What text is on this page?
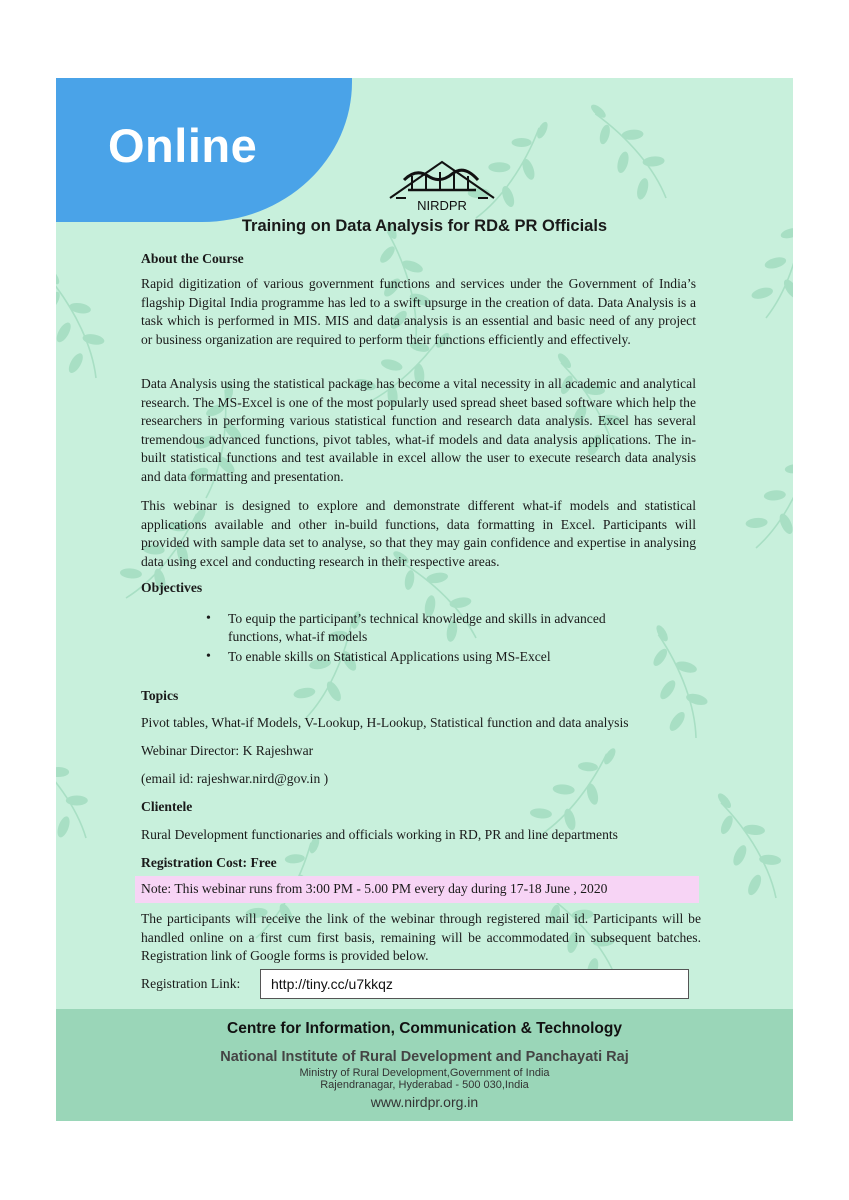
Online
NIRDPR
Training on Data Analysis for RD& PR Officials
About the Course
Rapid digitization of various government functions and services under the Government of India’s flagship Digital India programme has led to a swift upsurge in the creation of data. Data Analysis is a task which is performed in MIS. MIS and data analysis is an essential and basic need of any project or business organization are required to perform their functions efficiently and effectively.
Data Analysis using the statistical package has become a vital necessity in all academic and analytical research. The MS-Excel is one of the most popularly used spread sheet based software which help the researchers in performing various statistical function and research data analysis. Excel has several tremendous advanced functions, pivot tables, what-if models and data analysis applications. The in-built statistical functions and test available in excel allow the user to execute research data analysis and data formatting and presentation.
This webinar is designed to explore and demonstrate different what-if models and statistical applications available and other in-build functions, data formatting in Excel. Participants will provided with sample data set to analyse, so that they may gain confidence and expertise in analysing data using excel and conducting research in their respective areas.
Objectives
• To equip the participant’s technical knowledge and skills in advanced functions, what-if models
• To enable skills on Statistical Applications using MS-Excel
Topics
Pivot tables, What-if Models, V-Lookup, H-Lookup, Statistical function and data analysis
Webinar Director: K Rajeshwar
(email id: rajeshwar.nird@gov.in )
Clientele
Rural Development functionaries and officials working in RD, PR and line departments
Registration Cost: Free
Note: This webinar runs from 3:00 PM - 5.00 PM every day during 17-18 June , 2020
The participants will receive the link of the webinar through registered mail id. Participants will be handled online on a first cum first basis, remaining will be accommodated in subsequent batches. Registration link of Google forms is provided below.
Registration Link: http://tiny.cc/u7kkqz
Centre for Information, Communication & Technology
National Institute of Rural Development and Panchayati Raj
Ministry of Rural Development,Government of India
Rajendranagar, Hyderabad - 500 030,India
www.nirdpr.org.in
